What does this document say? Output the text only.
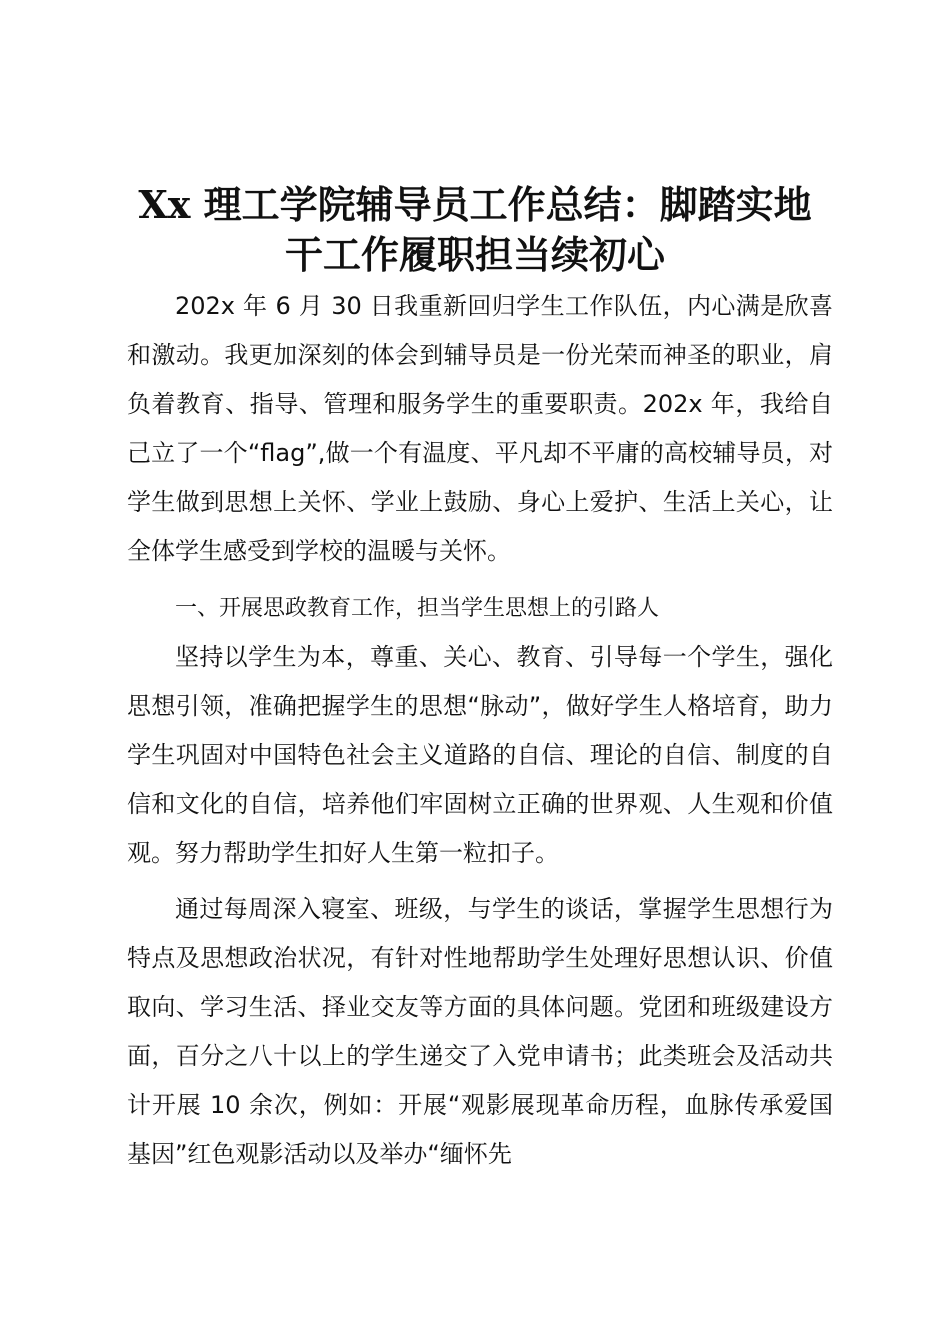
Xx 理工学院辅导员工作总结：脚踏实地干工作履职担当续初心

202x 年 6 月 30 日我重新回归学生工作队伍，内心满是欣喜和激动。我更加深刻的体会到辅导员是一份光荣而神圣的职业，肩负着教育、指导、管理和服务学生的重要职责。202x 年，我给自己立了一个“flag”,做一个有温度、平凡却不平庸的高校辅导员，对学生做到思想上关怀、学业上鼓励、身心上爱护、生活上关心，让全体学生感受到学校的温暖与关怀。

一、开展思政教育工作，担当学生思想上的引路人

坚持以学生为本，尊重、关心、教育、引导每一个学生，强化思想引领，准确把握学生的思想“脉动”，做好学生人格培育，助力学生巩固对中国特色社会主义道路的自信、理论的自信、制度的自信和文化的自信，培养他们牢固树立正确的世界观、人生观和价值观。努力帮助学生扣好人生第一粒扣子。

通过每周深入寝室、班级，与学生的谈话，掌握学生思想行为特点及思想政治状况，有针对性地帮助学生处理好思想认识、价值取向、学习生活、择业交友等方面的具体问题。党团和班级建设方面，百分之八十以上的学生递交了入党申请书；此类班会及活动共计开展 10 余次，例如：开展“观影展现革命历程，血脉传承爱国基因”红色观影活动以及举办“缅怀先
